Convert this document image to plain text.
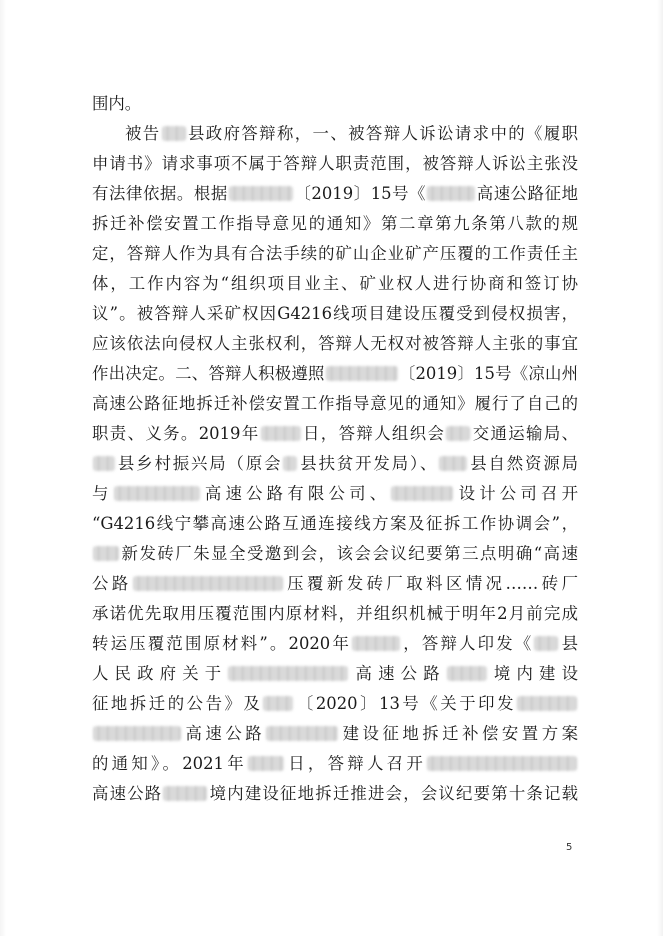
围内。
被告 县政府答辩称，一、被答辩人诉讼请求中的《履职
申请书》请求事项不属于答辩人职责范围，被答辩人诉讼主张没
有法律依据。根据	〔2019〕15号《	高速公路征地
拆迁补偿安置工作指导意见的通知》第二章第九条第八款的规
定，答辩人作为具有合法手续的矿山企业矿产压覆的工作责任主
体，工作内容为“组织项目业主、矿业权人进行协商和签订协
议”。被答辩人采矿权因G4216线项目建设压覆受到侵权损害，
应该依法向侵权人主张权利，答辩人无权对被答辩人主张的事宜
作出决定。二、答辩人积极遵照	〔2019〕15号《凉山州
高速公路征地拆迁补偿安置工作指导意见的通知》履行了自己的
职责、义务。2019年	日，答辩人组织会 交通运输局、
县乡村振兴局（原会 县扶贫开发局）、 县自然资源局
与	高速公路有限公司、	设计公司召开
“G4216线宁攀高速公路互通连接线方案及征拆工作协调会”，
新发砖厂朱显全受邀到会，该会会议纪要第三点明确“高速
公路	压覆新发砖厂取料区情况……砖厂
承诺优先取用压覆范围内原材料，并组织机械于明年2月前完成
转运压覆范围原材料”。2020年	，答辩人印发《 县
人民政府关于	高速公路	境内建设
征地拆迁的公告》及 〔2020〕13号《关于印发
高速公路	建设征地拆迁补偿安置方案
的通知》。2021年 日，答辩人召开
高速公路	境内建设征地拆迁推进会，会议纪要第十条记载
5
